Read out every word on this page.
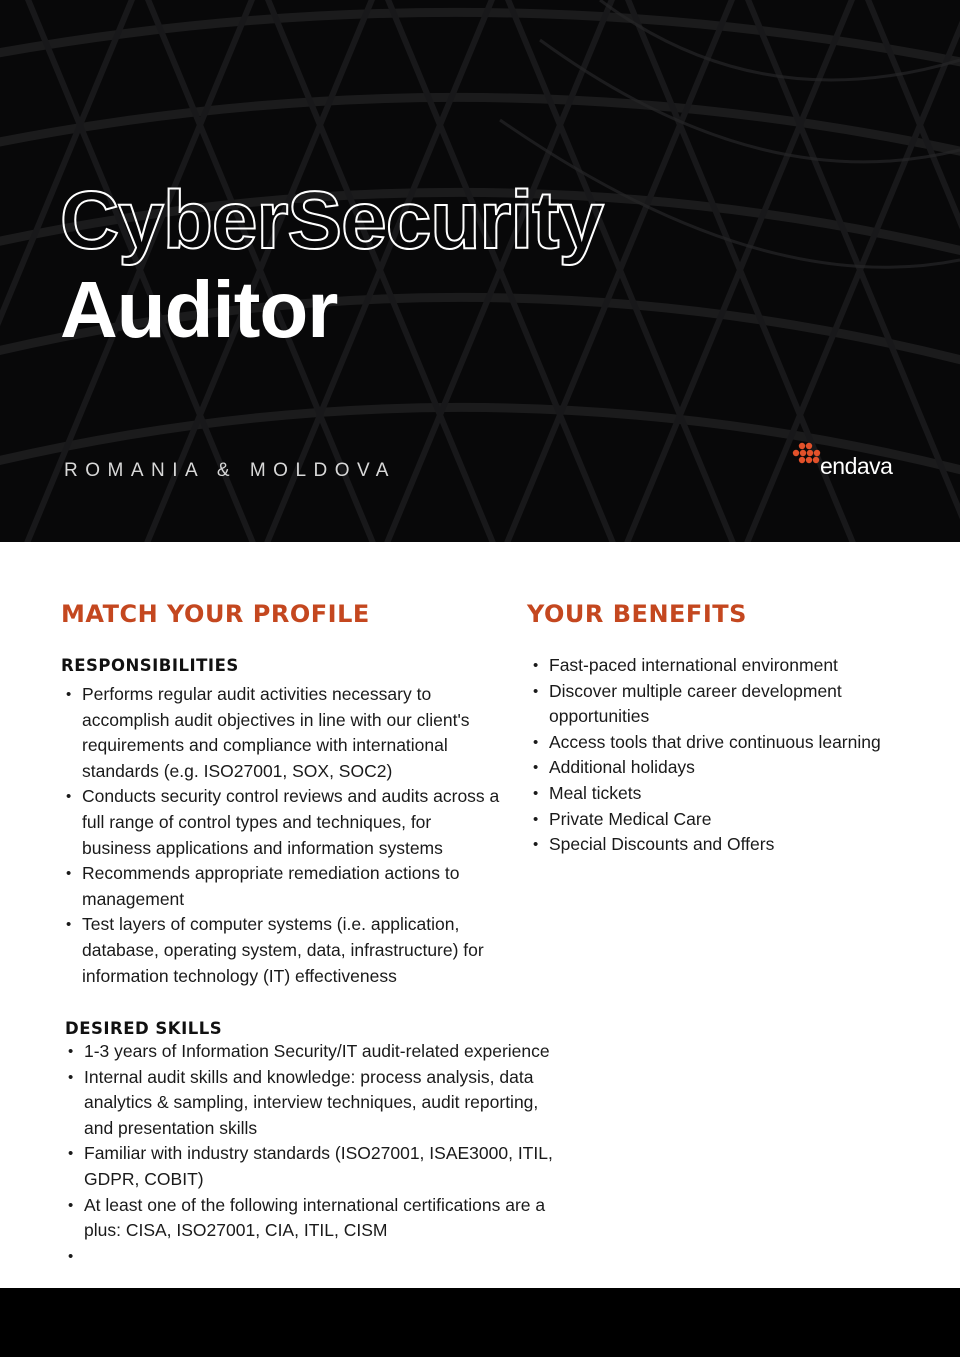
CyberSecurity
Auditor
ROMANIA & MOLDOVA	endava
MATCH YOUR PROFILE
RESPONSIBILITIES
• Performs regular audit activities necessary to accomplish audit objectives in line with our client's requirements and compliance with international standards (e.g. ISO27001, SOX, SOC2)
• Conducts security control reviews and audits across a full range of control types and techniques, for business applications and information systems
• Recommends appropriate remediation actions to management
• Test layers of computer systems (i.e. application, database, operating system, data, infrastructure) for information technology (IT) effectiveness
DESIRED SKILLS
• 1-3 years of Information Security/IT audit-related experience
• Internal audit skills and knowledge: process analysis, data analytics & sampling, interview techniques, audit reporting, and presentation skills
• Familiar with industry standards (ISO27001, ISAE3000, ITIL, GDPR, COBIT)
• At least one of the following international certifications are a plus: CISA, ISO27001, CIA, ITIL, CISM
•
YOUR BENEFITS
• Fast-paced international environment
• Discover multiple career development opportunities
• Access tools that drive continuous learning
• Additional holidays
• Meal tickets
• Private Medical Care
• Special Discounts and Offers
